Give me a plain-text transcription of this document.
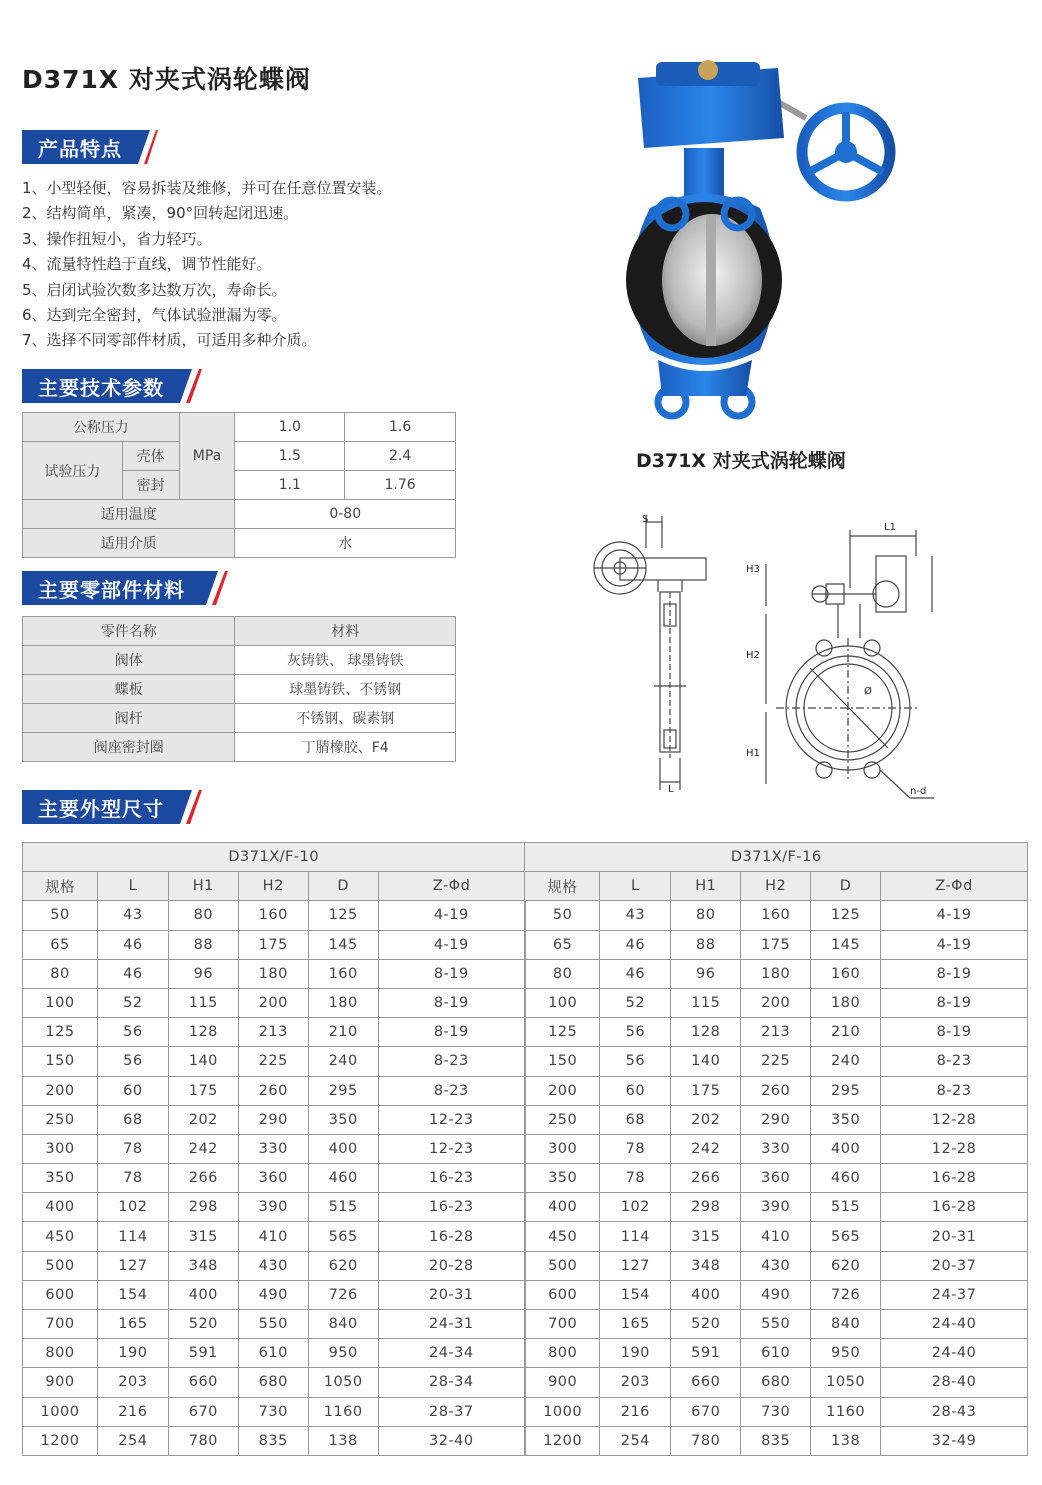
D371X 对夹式涡轮蝶阀
产品特点
1、小型轻便，容易拆装及维修，并可在任意位置安装。
2、结构简单，紧凑，90°回转起闭迅速。
3、操作扭短小，省力轻巧。
4、流量特性趋于直线，调节性能好。
5、启闭试验次数多达数万次，寿命长。
6、达到完全密封，气体试验泄漏为零。
7、选择不同零部件材质，可适用多种介质。
主要技术参数
公称压力		MPa	1.0	1.6
试验压力	壳体		1.5	2.4
	密封		1.1	1.76
适用温度			0-80	
适用介质			水	
主要零部件材料
零件名称	材料
阀体	灰铸铁、 球墨铸铁
蝶板	球墨铸铁、不锈钢
阀杆	不锈钢、碳素钢
阀座密封圈	丁腈橡胶、F4
主要外型尺寸
D371X/F-10						D371X/F-16					
规格	L	H1	H2	D	Z-Φd	规格	L	H1	H2	D	Z-Φd
50	43	80	160	125	4-19	50	43	80	160	125	4-19
65	46	88	175	145	4-19	65	46	88	175	145	4-19
80	46	96	180	160	8-19	80	46	96	180	160	8-19
100	52	115	200	180	8-19	100	52	115	200	180	8-19
125	56	128	213	210	8-19	125	56	128	213	210	8-19
150	56	140	225	240	8-23	150	56	140	225	240	8-23
200	60	175	260	295	8-23	200	60	175	260	295	8-23
250	68	202	290	350	12-23	250	68	202	290	350	12-28
300	78	242	330	400	12-23	300	78	242	330	400	12-28
350	78	266	360	460	16-23	350	78	266	360	460	16-28
400	102	298	390	515	16-23	400	102	298	390	515	16-28
450	114	315	410	565	16-28	450	114	315	410	565	20-31
500	127	348	430	620	20-28	500	127	348	430	620	20-37
600	154	400	490	726	20-31	600	154	400	490	726	24-37
700	165	520	550	840	24-31	700	165	520	550	840	24-40
800	190	591	610	950	24-34	800	190	591	610	950	24-40
900	203	660	680	1050	28-34	900	203	660	680	1050	28-40
1000	216	670	730	1160	28-37	1000	216	670	730	1160	28-43
1200	254	780	835	138	32-40	1200	254	780	835	138	32-49
D371X 对夹式涡轮蝶阀
S
L
L1
H3
H2
H1
n-d
Ø
